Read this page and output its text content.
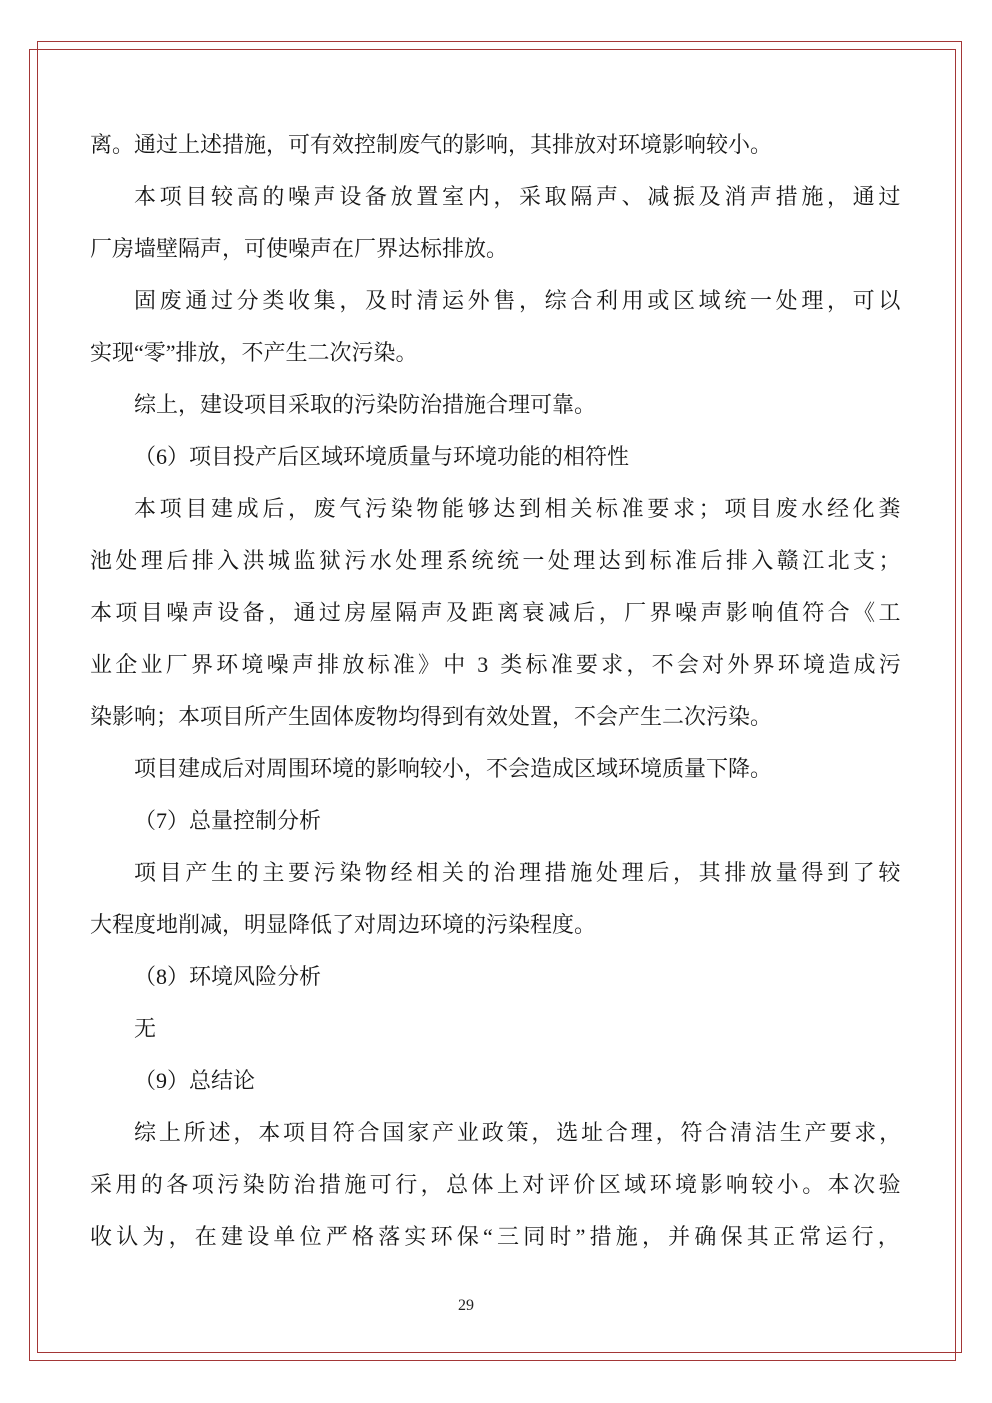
离。通过上述措施，可有效控制废气的影响，其排放对环境影响较小。
本项目较高的噪声设备放置室内，采取隔声、减振及消声措施，通过
厂房墙壁隔声，可使噪声在厂界达标排放。
固废通过分类收集，及时清运外售，综合利用或区域统一处理，可以
实现“零”排放，不产生二次污染。
综上，建设项目采取的污染防治措施合理可靠。
（6）项目投产后区域环境质量与环境功能的相符性
本项目建成后，废气污染物能够达到相关标准要求；项目废水经化粪
池处理后排入洪城监狱污水处理系统统一处理达到标准后排入赣江北支；
本项目噪声设备，通过房屋隔声及距离衰减后，厂界噪声影响值符合《工
业企业厂界环境噪声排放标准》中 3 类标准要求，不会对外界环境造成污
染影响；本项目所产生固体废物均得到有效处置，不会产生二次污染。
项目建成后对周围环境的影响较小，不会造成区域环境质量下降。
（7）总量控制分析
项目产生的主要污染物经相关的治理措施处理后，其排放量得到了较
大程度地削减，明显降低了对周边环境的污染程度。
（8）环境风险分析
无
（9）总结论
综上所述，本项目符合国家产业政策，选址合理，符合清洁生产要求，
采用的各项污染防治措施可行，总体上对评价区域环境影响较小。本次验
收认为，在建设单位严格落实环保“三同时”措施，并确保其正常运行，
29
